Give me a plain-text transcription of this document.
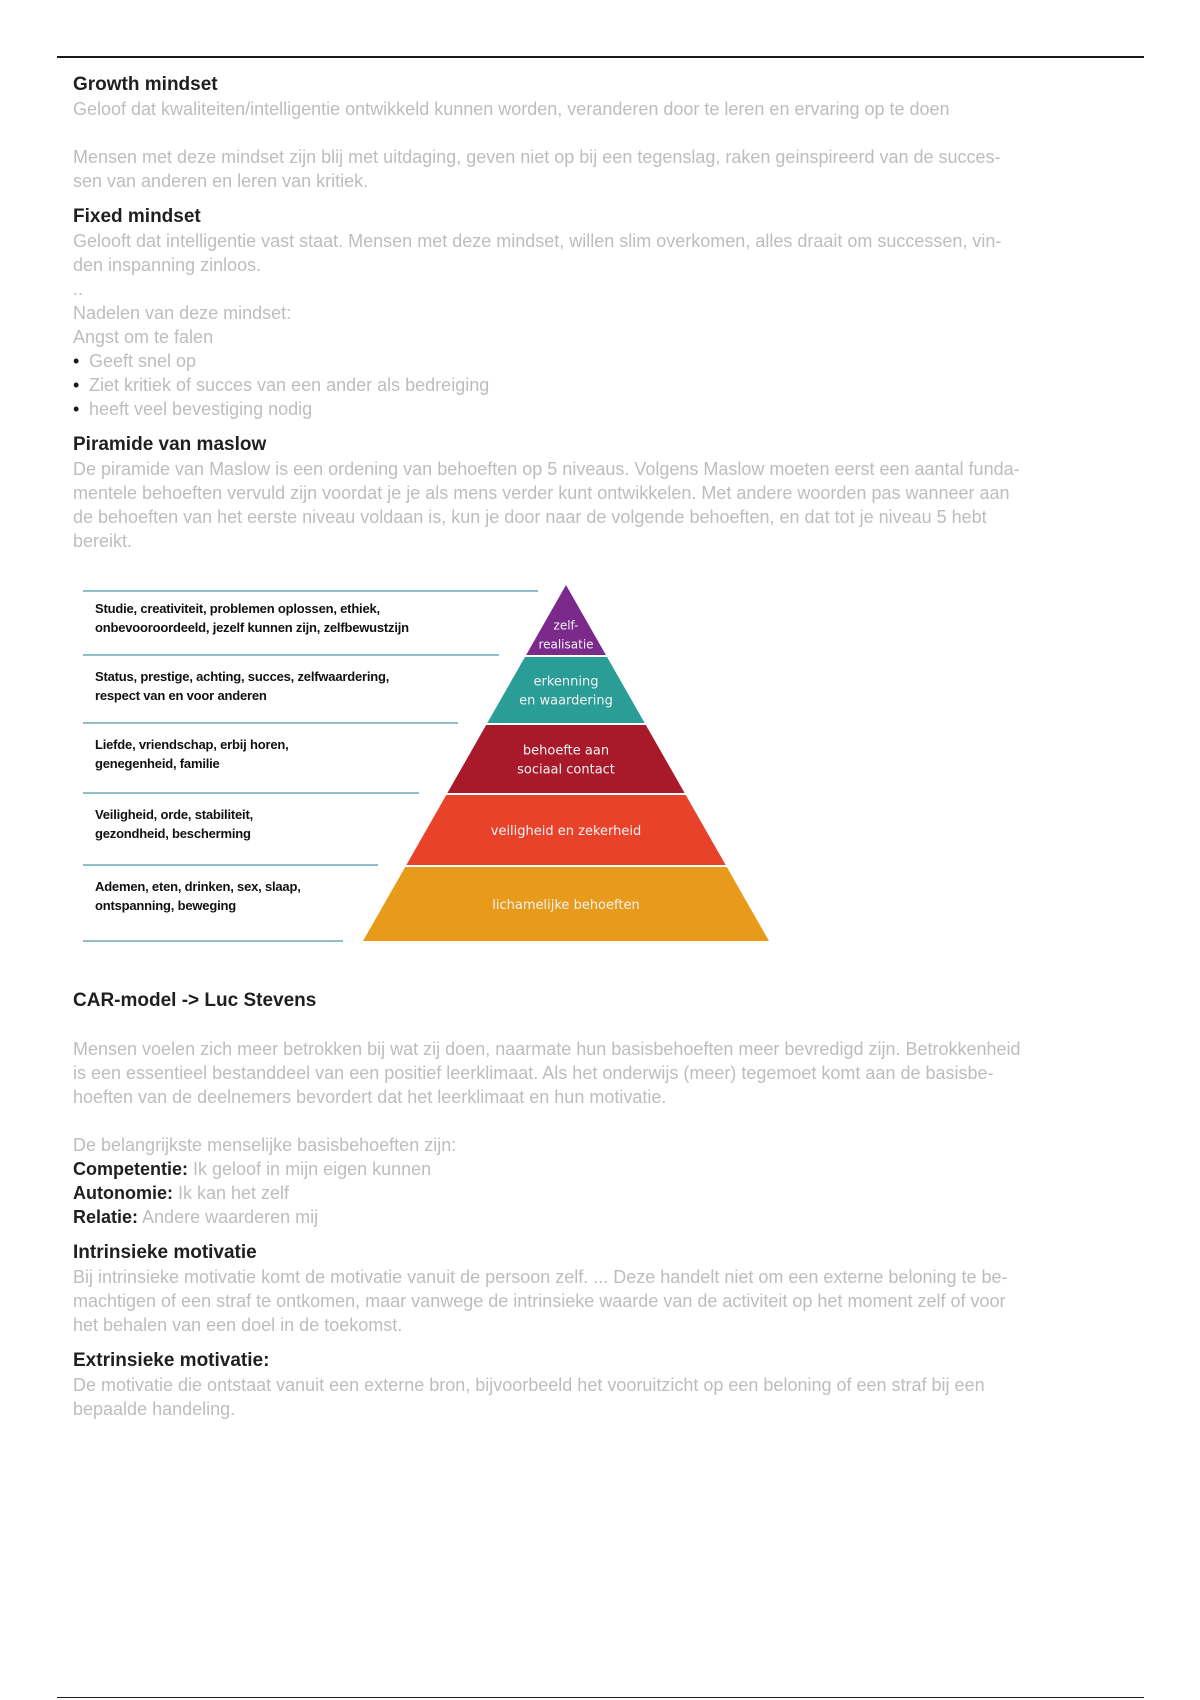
Growth mindset

Geloof dat kwaliteiten/intelligentie ontwikkeld kunnen worden, veranderen door te leren en ervaring op te doen

Mensen met deze mindset zijn blij met uitdaging, geven niet op bij een tegenslag, raken geinspireerd van de succes-

sen van anderen en leren van kritiek.

Fixed mindset

Gelooft dat intelligentie vast staat. Mensen met deze mindset, willen slim overkomen, alles draait om successen, vin-

den inspanning zinloos.

..

Nadelen van deze mindset:

Angst om te falen

• Geeft snel op
• Ziet kritiek of succes van een ander als bedreiging
• heeft veel bevestiging nodig

Piramide van maslow

De piramide van Maslow is een ordening van behoeften op 5 niveaus. Volgens Maslow moeten eerst een aantal funda-

mentele behoeften vervuld zijn voordat je je als mens verder kunt ontwikkelen. Met andere woorden pas wanneer aan

de behoeften van het eerste niveau voldaan is, kun je door naar de volgende behoeften, en dat tot je niveau 5 hebt

bereikt.

zelf-
realisatie
erkenning
en waardering
behoefte aan
sociaal contact
veiligheid en zekerheid
lichamelijke behoeften
Studie, creativiteit, problemen oplossen, ethiek,
onbevooroordeeld, jezelf kunnen zijn, zelfbewustzijn
Status, prestige, achting, succes, zelfwaardering,
respect van en voor anderen
Liefde, vriendschap, erbij horen,
genegenheid, familie
Veiligheid, orde, stabiliteit,
gezondheid, bescherming
Ademen, eten, drinken, sex, slaap,
ontspanning, beweging

CAR-model -> Luc Stevens

Mensen voelen zich meer betrokken bij wat zij doen, naarmate hun basisbehoeften meer bevredigd zijn. Betrokkenheid

is een essentieel bestanddeel van een positief leerklimaat. Als het onderwijs (meer) tegemoet komt aan de basisbe-

hoeften van de deelnemers bevordert dat het leerklimaat en hun motivatie.

De belangrijkste menselijke basisbehoeften zijn:

Competentie: Ik geloof in mijn eigen kunnen
Autonomie: Ik kan het zelf
Relatie: Andere waarderen mij

Intrinsieke motivatie

Bij intrinsieke motivatie komt de motivatie vanuit de persoon zelf. ... Deze handelt niet om een externe beloning te be-

machtigen of een straf te ontkomen, maar vanwege de intrinsieke waarde van de activiteit op het moment zelf of voor

het behalen van een doel in de toekomst.

Extrinsieke motivatie:

De motivatie die ontstaat vanuit een externe bron, bijvoorbeeld het vooruitzicht op een beloning of een straf bij een

bepaalde handeling.
